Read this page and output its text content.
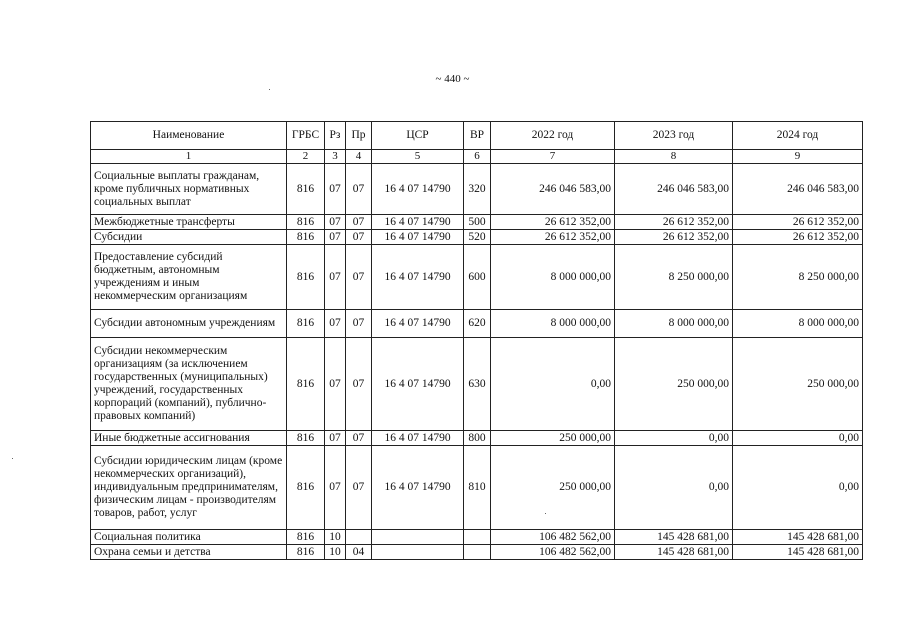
~ 440 ~
Наименование	ГРБС	Рз	Пр	ЦСР	ВР	2022 год	2023 год	2024 год
1	2	3	4	5	6	7	8	9
Социальные выплаты гражданам, кроме публичных нормативных социальных выплат	816	07	07	16 4 07 14790	320	246 046 583,00	246 046 583,00	246 046 583,00
Межбюджетные трансферты	816	07	07	16 4 07 14790	500	26 612 352,00	26 612 352,00	26 612 352,00
Субсидии	816	07	07	16 4 07 14790	520	26 612 352,00	26 612 352,00	26 612 352,00
Предоставление субсидий бюджетным, автономным учреждениям и иным некоммерческим организациям	816	07	07	16 4 07 14790	600	8 000 000,00	8 250 000,00	8 250 000,00
Субсидии автономным учреждениям	816	07	07	16 4 07 14790	620	8 000 000,00	8 000 000,00	8 000 000,00
Субсидии некоммерческим организациям (за исключением государственных (муниципальных) учреждений, государственных корпораций (компаний), публично-правовых компаний)	816	07	07	16 4 07 14790	630	0,00	250 000,00	250 000,00
Иные бюджетные ассигнования	816	07	07	16 4 07 14790	800	250 000,00	0,00	0,00
Субсидии юридическим лицам (кроме некоммерческих организаций), индивидуальным предпринимателям, физическим лицам - производителям товаров, работ, услуг	816	07	07	16 4 07 14790	810	250 000,00	0,00	0,00
Социальная политика	816	10				106 482 562,00	145 428 681,00	145 428 681,00
Охрана семьи и детства	816	10	04			106 482 562,00	145 428 681,00	145 428 681,00
